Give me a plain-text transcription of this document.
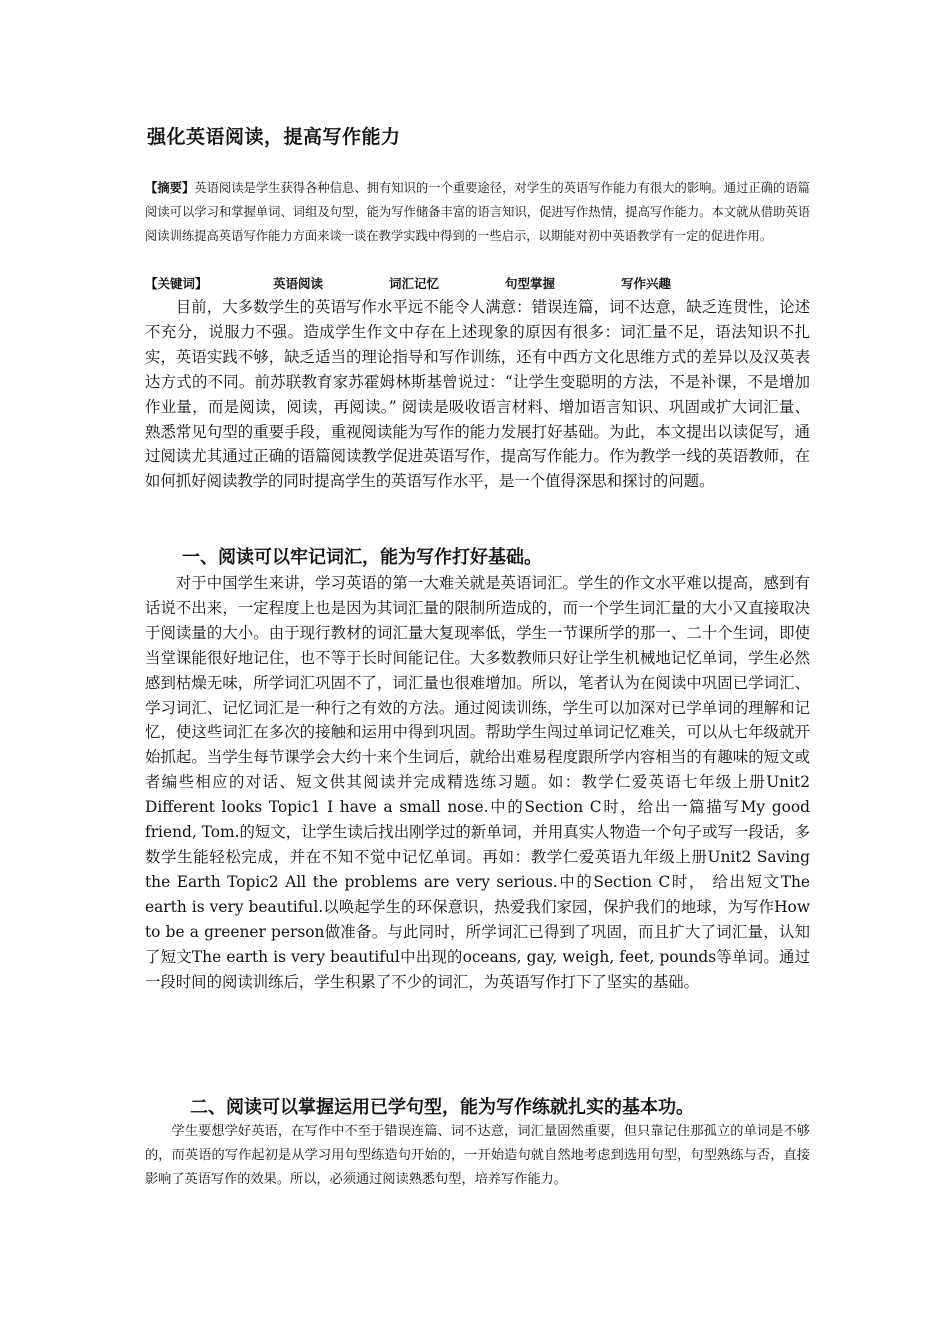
强化英语阅读，提高写作能力
【摘要】英语阅读是学生获得各种信息、拥有知识的一个重要途径，对学生的英语写作能力有很大的影响。通过正确的语篇阅读可以学习和掌握单词、词组及句型，能为写作储备丰富的语言知识，促进写作热情，提高写作能力。本文就从借助英语阅读训练提高英语写作能力方面来谈一谈在教学实践中得到的一些启示，以期能对初中英语教学有一定的促进作用。
【关键词】	英语阅读	词汇记忆	句型掌握	写作兴趣
目前，大多数学生的英语写作水平远不能令人满意：错误连篇，词不达意，缺乏连贯性，论述不充分，说服力不强。造成学生作文中存在上述现象的原因有很多：词汇量不足，语法知识不扎实，英语实践不够，缺乏适当的理论指导和写作训练，还有中西方文化思维方式的差异以及汉英表达方式的不同。前苏联教育家苏霍姆林斯基曾说过：“让学生变聪明的方法，不是补课，不是增加作业量，而是阅读，阅读，再阅读。” 阅读是吸收语言材料、增加语言知识、巩固或扩大词汇量、熟悉常见句型的重要手段，重视阅读能为写作的能力发展打好基础。为此，本文提出以读促写，通过阅读尤其通过正确的语篇阅读教学促进英语写作，提高写作能力。作为教学一线的英语教师，在如何抓好阅读教学的同时提高学生的英语写作水平，是一个值得深思和探讨的问题。
一、阅读可以牢记词汇，能为写作打好基础。
对于中国学生来讲，学习英语的第一大难关就是英语词汇。学生的作文水平难以提高，感到有话说不出来，一定程度上也是因为其词汇量的限制所造成的，而一个学生词汇量的大小又直接取决于阅读量的大小。由于现行教材的词汇量大复现率低，学生一节课所学的那一、二十个生词，即使当堂课能很好地记住，也不等于长时间能记住。大多数教师只好让学生机械地记忆单词，学生必然感到枯燥无味，所学词汇巩固不了，词汇量也很难增加。所以，笔者认为在阅读中巩固已学词汇、学习词汇、记忆词汇是一种行之有效的方法。通过阅读训练，学生可以加深对已学单词的理解和记忆，使这些词汇在多次的接触和运用中得到巩固。帮助学生闯过单词记忆难关，可以从七年级就开始抓起。当学生每节课学会大约十来个生词后，就给出难易程度跟所学内容相当的有趣味的短文或者编些相应的对话、短文供其阅读并完成精选练习题。如：教学仁爱英语七年级上册Unit2 Different looks Topic1 I have a small nose.中的Section C时，给出一篇描写My good friend, Tom.的短文，让学生读后找出刚学过的新单词，并用真实人物造一个句子或写一段话，多数学生能轻松完成，并在不知不觉中记忆单词。再如：教学仁爱英语九年级上册Unit2 Saving the Earth Topic2 All the problems are very serious.中的Section C时， 给出短文The earth is very beautiful.以唤起学生的环保意识，热爱我们家园，保护我们的地球，为写作How to be a greener person做准备。与此同时，所学词汇已得到了巩固，而且扩大了词汇量，认知了短文The earth is very beautiful中出现的oceans, gay, weigh, feet, pounds等单词。通过一段时间的阅读训练后，学生积累了不少的词汇，为英语写作打下了坚实的基础。
二、阅读可以掌握运用已学句型，能为写作练就扎实的基本功。
学生要想学好英语，在写作中不至于错误连篇、词不达意，词汇量固然重要，但只靠记住那孤立的单词是不够的，而英语的写作起初是从学习用句型练造句开始的，一开始造句就自然地考虑到选用句型，句型熟练与否，直接影响了英语写作的效果。所以，必须通过阅读熟悉句型，培养写作能力。
